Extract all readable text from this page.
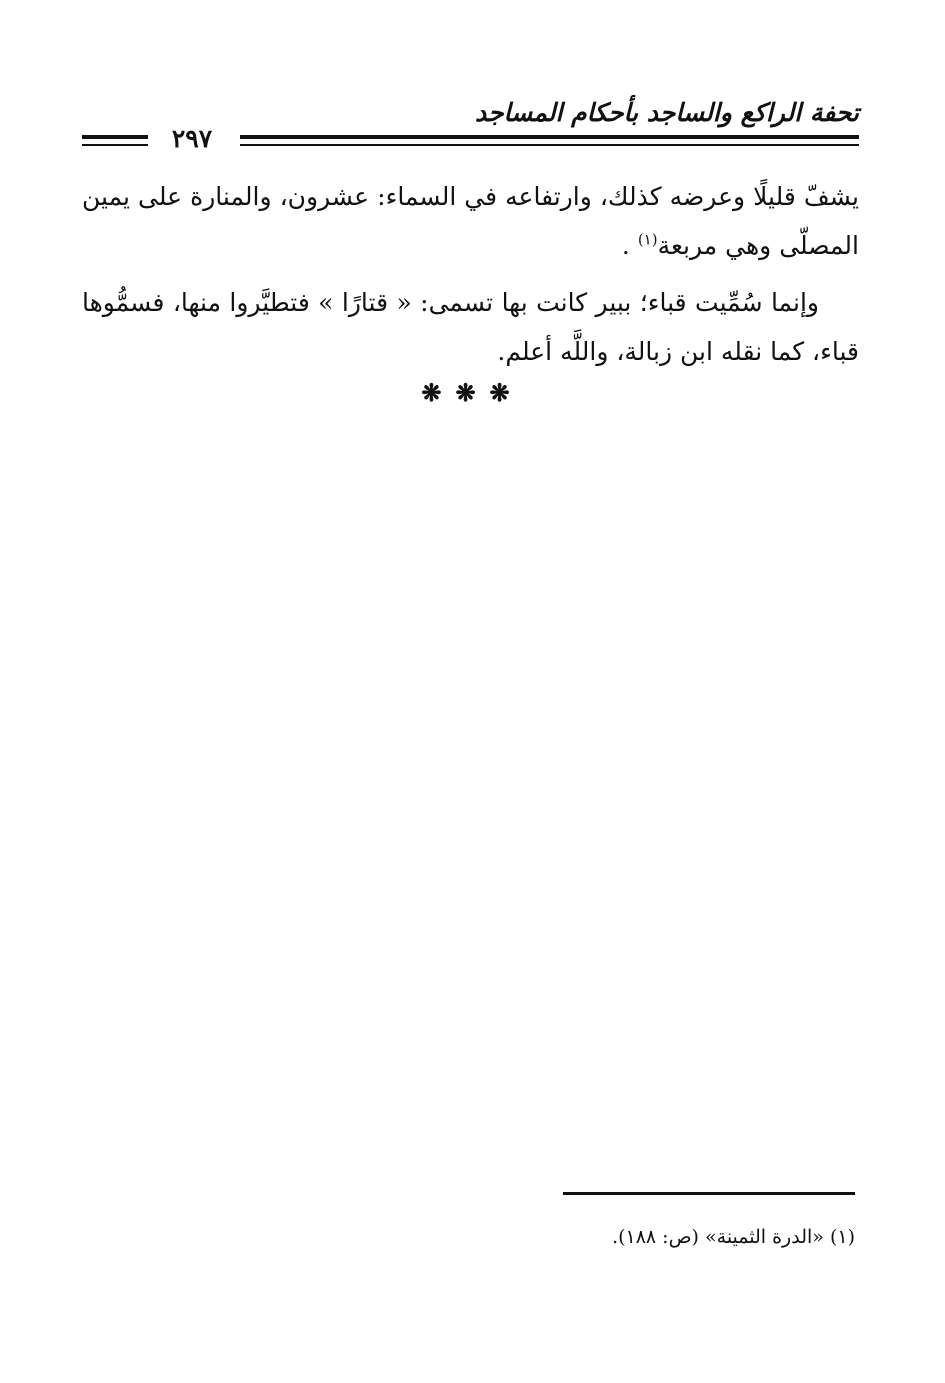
تحفة الراكع والساجد بأحكام المساجد
٢٩٧

يشفّ قليلًا وعرضه كذلك، وارتفاعه في السماء: عشرون، والمنارة على يمين المصلّى وهي مربعة$^{(١)}$ .

وإنما سُمِّيت قباء؛ ببير كانت بها تسمى: « قتارًا » فتطيَّروا منها، فسمُّوها قباء، كما نقله ابن زبالة، واللَّه أعلم.

❋❋❋
(١) «الدرة الثمينة» (ص: ١٨٨).
